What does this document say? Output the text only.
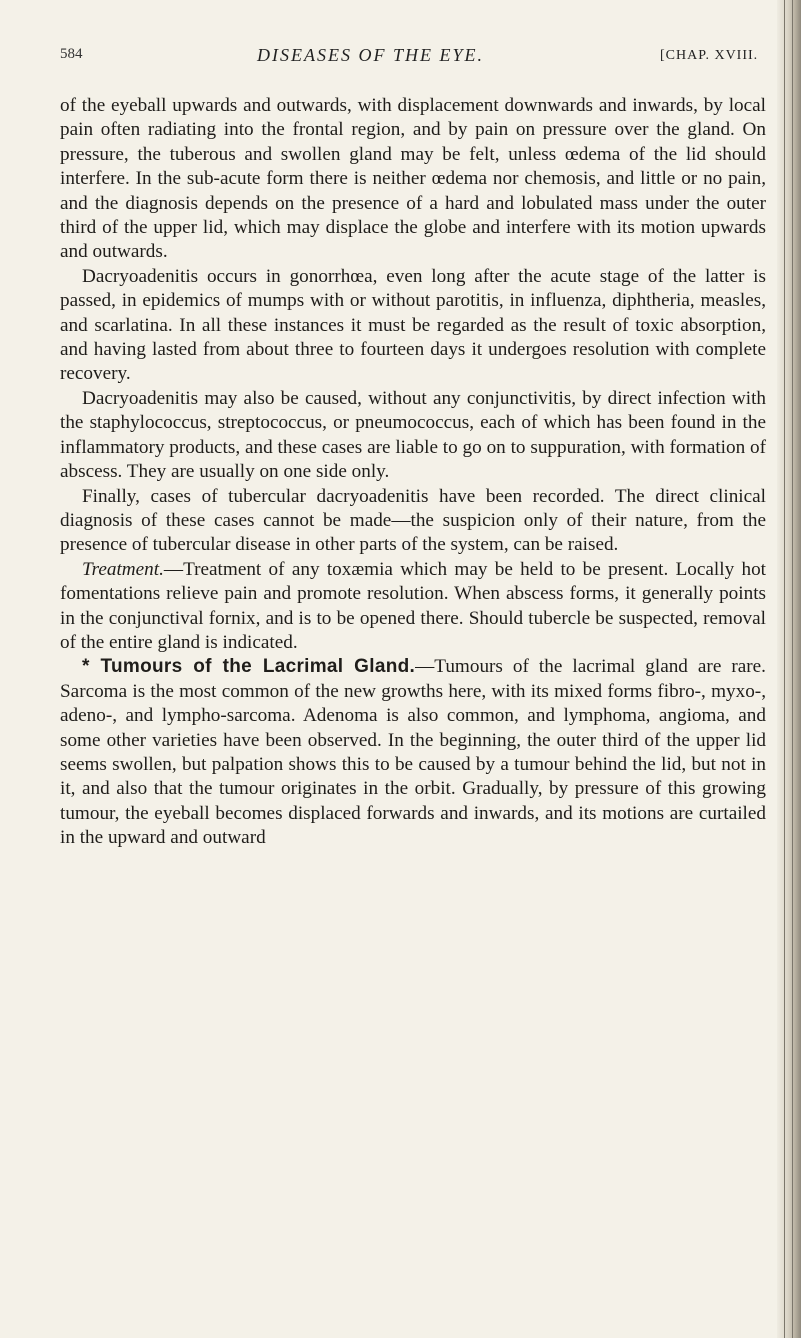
584	DISEASES OF THE EYE.	[CHAP. XVIII.

of the eyeball upwards and outwards, with displacement downwards and inwards, by local pain often radiating into the frontal region, and by pain on pressure over the gland. On pressure, the tuberous and swollen gland may be felt, unless œdema of the lid should interfere. In the sub-acute form there is neither œdema nor chemosis, and little or no pain, and the diagnosis depends on the presence of a hard and lobulated mass under the outer third of the upper lid, which may displace the globe and interfere with its motion upwards and outwards.

Dacryoadenitis occurs in gonorrhœa, even long after the acute stage of the latter is passed, in epidemics of mumps with or without parotitis, in influenza, diphtheria, measles, and scarlatina. In all these instances it must be regarded as the result of toxic absorption, and having lasted from about three to fourteen days it undergoes resolution with complete recovery.

Dacryoadenitis may also be caused, without any conjunctivitis, by direct infection with the staphylococcus, streptococcus, or pneumococcus, each of which has been found in the inflammatory products, and these cases are liable to go on to suppuration, with formation of abscess. They are usually on one side only.

Finally, cases of tubercular dacryoadenitis have been recorded. The direct clinical diagnosis of these cases cannot be made—the suspicion only of their nature, from the presence of tubercular disease in other parts of the system, can be raised.

Treatment.—Treatment of any toxæmia which may be held to be present. Locally hot fomentations relieve pain and promote resolution. When abscess forms, it generally points in the conjunctival fornix, and is to be opened there. Should tubercle be suspected, removal of the entire gland is indicated.

* Tumours of the Lacrimal Gland.—Tumours of the lacrimal gland are rare. Sarcoma is the most common of the new growths here, with its mixed forms fibro-, myxo-, adeno-, and lympho-sarcoma. Adenoma is also common, and lymphoma, angioma, and some other varieties have been observed. In the beginning, the outer third of the upper lid seems swollen, but palpation shows this to be caused by a tumour behind the lid, but not in it, and also that the tumour originates in the orbit. Gradually, by pressure of this growing tumour, the eyeball becomes displaced forwards and inwards, and its motions are curtailed in the upward and outward
